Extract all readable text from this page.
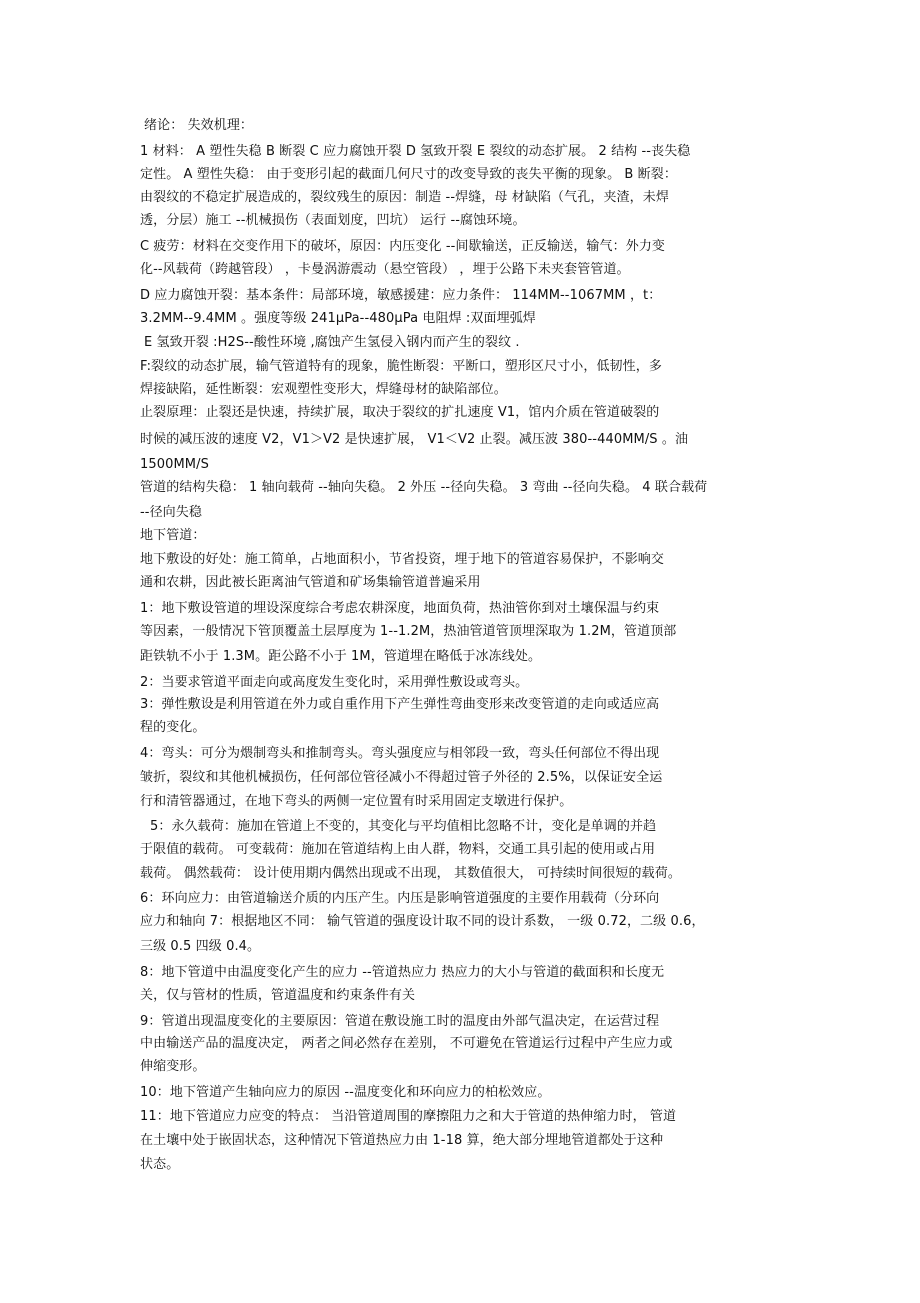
绪论： 失效机理：
1 材料： A 塑性失稳 B 断裂 C 应力腐蚀开裂 D 氢致开裂 E 裂纹的动态扩展。 2 结构 --丧失稳
定性。 A 塑性失稳： 由于变形引起的截面几何尺寸的改变导致的丧失平衡的现象。 B 断裂：
由裂纹的不稳定扩展造成的，裂纹残生的原因：制造 --焊缝，母 材缺陷（气孔，夹渣，未焊
透，分层）施工 --机械损伤（表面划度，凹坑） 运行 --腐蚀环境。
C 疲劳：材料在交变作用下的破坏，原因：内压变化 --间歇输送，正反输送，输气：外力变
化--风载荷（跨越管段） ，卡曼涡游震动（悬空管段） ，埋于公路下未夹套管管道。
D 应力腐蚀开裂：基本条件：局部环境，敏感援建：应力条件： 114MM--1067MM ，t：
3.2MM--9.4MM 。强度等级 241μPa--480μPa 电阻焊 :双面埋弧焊
E 氢致开裂 :H2S--酸性环境 ,腐蚀产生氢侵入钢内而产生的裂纹 .
F:裂纹的动态扩展，输气管道特有的现象，脆性断裂：平断口，塑形区尺寸小，低韧性，多
焊接缺陷，延性断裂：宏观塑性变形大，焊缝母材的缺陷部位。
止裂原理：止裂还是快速，持续扩展，取决于裂纹的扩扎速度 V1，馆内介质在管道破裂的
时候的减压波的速度 V2，V1＞V2 是快速扩展， V1＜V2 止裂。减压波 380--440MM/S 。油
1500MM/S
管道的结构失稳： 1 轴向载荷 --轴向失稳。 2 外压 --径向失稳。 3 弯曲 --径向失稳。 4 联合载荷
--径向失稳
地下管道：
地下敷设的好处：施工简单，占地面积小，节省投资，埋于地下的管道容易保护，不影响交
通和农耕，因此被长距离油气管道和矿场集输管道普遍采用
1：地下敷设管道的埋设深度综合考虑农耕深度，地面负荷，热油管你到对土壤保温与约束
等因素，一般情况下管顶覆盖土层厚度为 1--1.2M，热油管道管顶埋深取为 1.2M，管道顶部
距铁轨不小于 1.3M。距公路不小于 1M，管道埋在略低于冰冻线处。
2：当要求管道平面走向或高度发生变化时，采用弹性敷设或弯头。
3：弹性敷设是利用管道在外力或自重作用下产生弹性弯曲变形来改变管道的走向或适应高
程的变化。
4：弯头：可分为煨制弯头和推制弯头。弯头强度应与相邻段一致，弯头任何部位不得出现
皱折，裂纹和其他机械损伤，任何部位管径减小不得超过管子外径的 2.5%，以保证安全运
行和清管器通过，在地下弯头的两侧一定位置有时采用固定支墩进行保护。
5：永久载荷：施加在管道上不变的，其变化与平均值相比忽略不计，变化是单调的并趋
于限值的载荷。 可变载荷：施加在管道结构上由人群，物料，交通工具引起的使用或占用
载荷。 偶然载荷： 设计使用期内偶然出现或不出现， 其数值很大， 可持续时间很短的载荷。
6：环向应力：由管道输送介质的内压产生。内压是影响管道强度的主要作用载荷（分环向
应力和轴向 7：根据地区不同： 输气管道的强度设计取不同的设计系数， 一级 0.72，二级 0.6，
三级 0.5 四级 0.4。
8：地下管道中由温度变化产生的应力 --管道热应力 热应力的大小与管道的截面积和长度无
关，仅与管材的性质，管道温度和约束条件有关
9：管道出现温度变化的主要原因：管道在敷设施工时的温度由外部气温决定，在运营过程
中由输送产品的温度决定， 两者之间必然存在差别， 不可避免在管道运行过程中产生应力或
伸缩变形。
10：地下管道产生轴向应力的原因 --温度变化和环向应力的柏松效应。
11：地下管道应力应变的特点： 当沿管道周围的摩擦阻力之和大于管道的热伸缩力时， 管道
在土壤中处于嵌固状态，这种情况下管道热应力由 1-18 算，绝大部分埋地管道都处于这种
状态。
